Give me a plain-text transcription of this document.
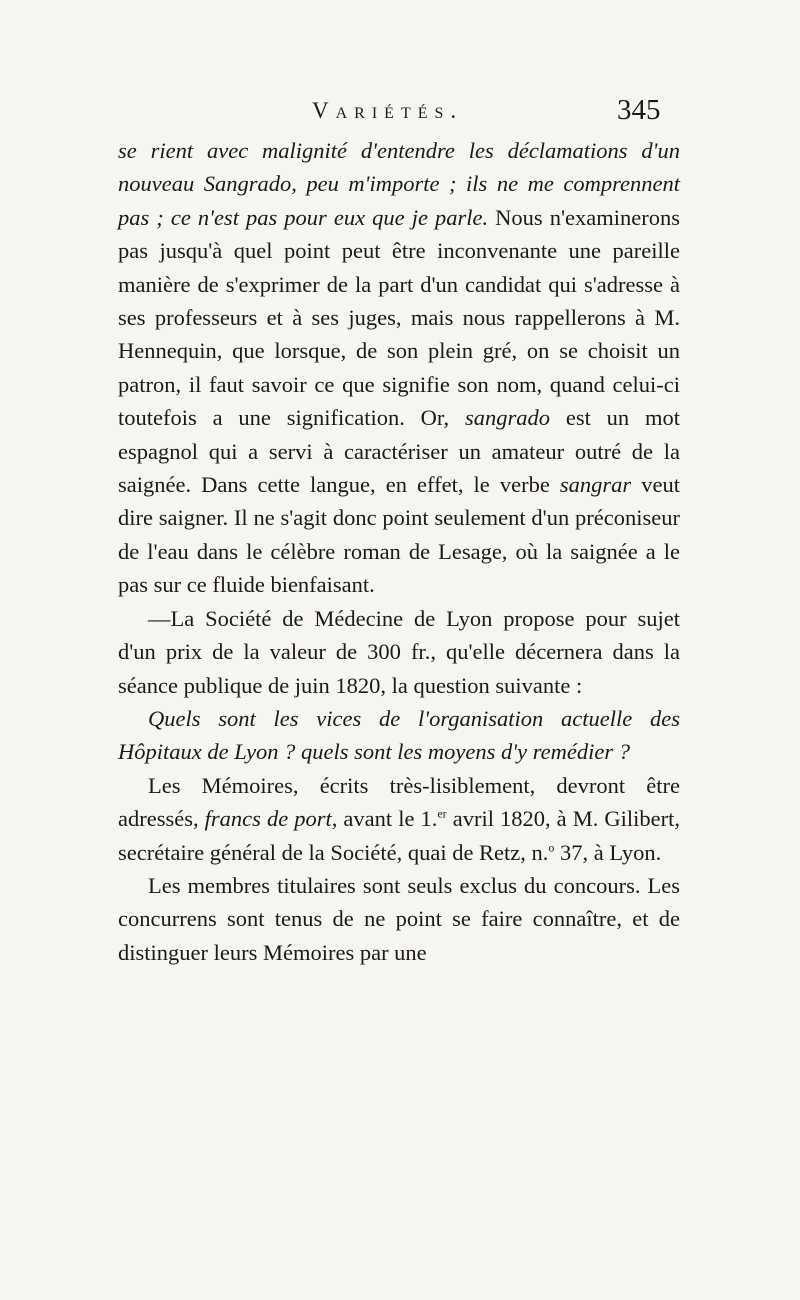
Variétés.	345

se rient avec malignité d'entendre les déclamations d'un nouveau Sangrado, peu m'importe ; ils ne me comprennent pas ; ce n'est pas pour eux que je parle. Nous n'examinerons pas jusqu'à quel point peut être inconvenante une pareille manière de s'exprimer de la part d'un candidat qui s'adresse à ses professeurs et à ses juges, mais nous rappellerons à M. Hennequin, que lorsque, de son plein gré, on se choisit un patron, il faut savoir ce que signifie son nom, quand celui-ci toutefois a une signification. Or, sangrado est un mot espagnol qui a servi à caractériser un amateur outré de la saignée. Dans cette langue, en effet, le verbe sangrar veut dire saigner. Il ne s'agit donc point seulement d'un préconiseur de l'eau dans le célèbre roman de Lesage, où la saignée a le pas sur ce fluide bienfaisant.

—La Société de Médecine de Lyon propose pour sujet d'un prix de la valeur de 300 fr., qu'elle décernera dans la séance publique de juin 1820, la question suivante :

Quels sont les vices de l'organisation actuelle des Hôpitaux de Lyon ? quels sont les moyens d'y remédier ?

Les Mémoires, écrits très-lisiblement, devront être adressés, francs de port, avant le 1.$^{er}$ avril 1820, à M. Gilibert, secrétaire général de la Société, quai de Retz, n.$^o$ 37, à Lyon.

Les membres titulaires sont seuls exclus du concours. Les concurrens sont tenus de ne point se faire connaître, et de distinguer leurs Mémoires par une
